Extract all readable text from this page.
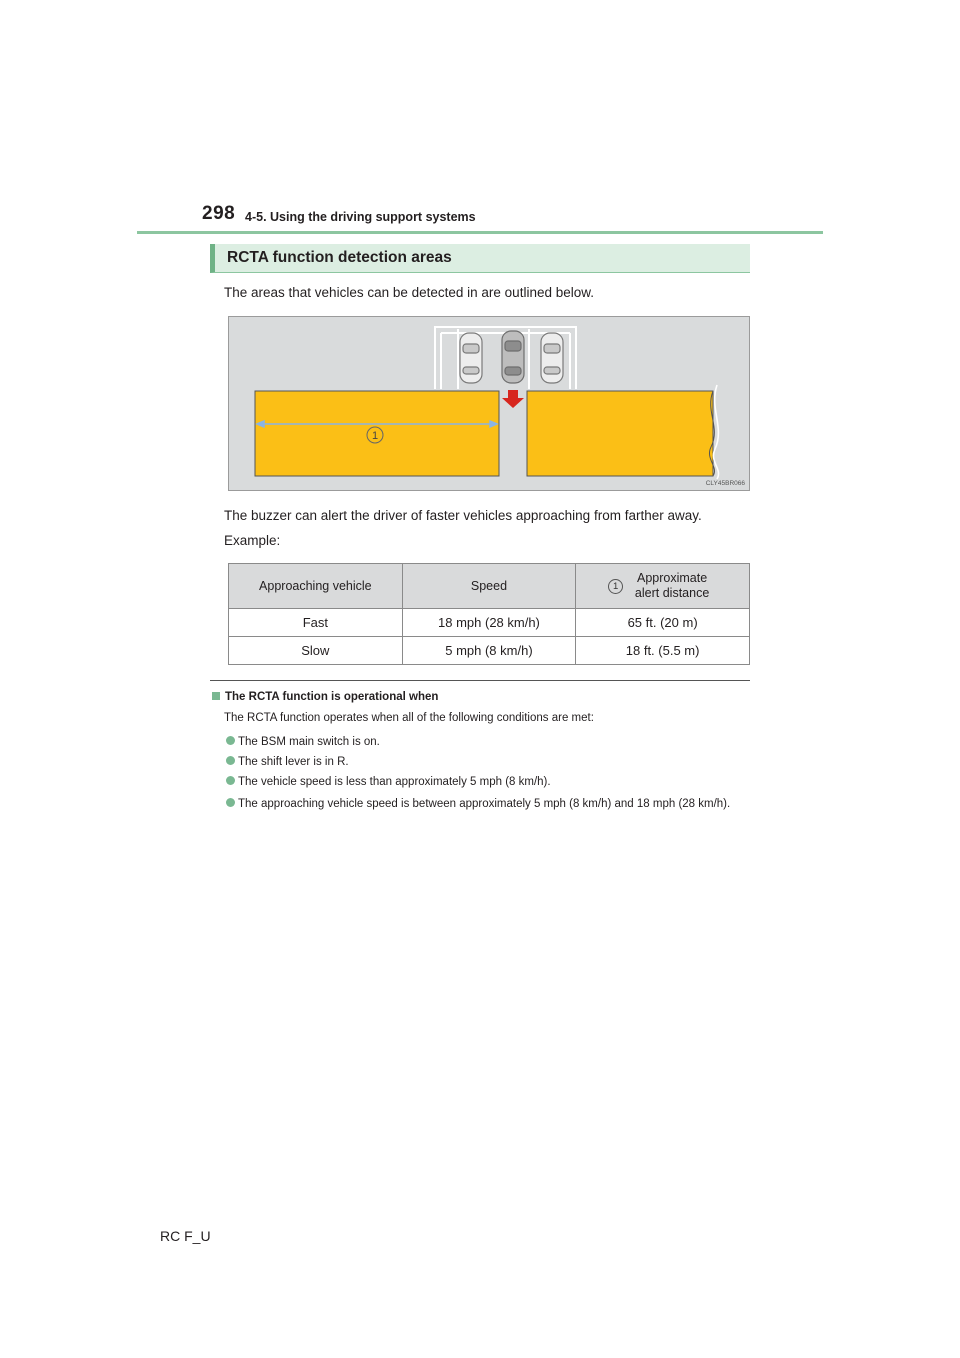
298 4-5. Using the driving support systems
RCTA function detection areas
The areas that vehicles can be detected in are outlined below.
1
CLY45BR066
The buzzer can alert the driver of faster vehicles approaching from farther away.
Example:
Approaching vehicle	Speed	1
Approximate alert distance

Fast	18 mph (28 km/h)	65 ft. (20 m)
Slow	5 mph (8 km/h)	18 ft. (5.5 m)
The RCTA function is operational when
The RCTA function operates when all of the following conditions are met:
The BSM main switch is on.
The shift lever is in R.
The vehicle speed is less than approximately 5 mph (8 km/h).
The approaching vehicle speed is between approximately 5 mph (8 km/h) and 18 mph (28 km/h).
RC F_U
